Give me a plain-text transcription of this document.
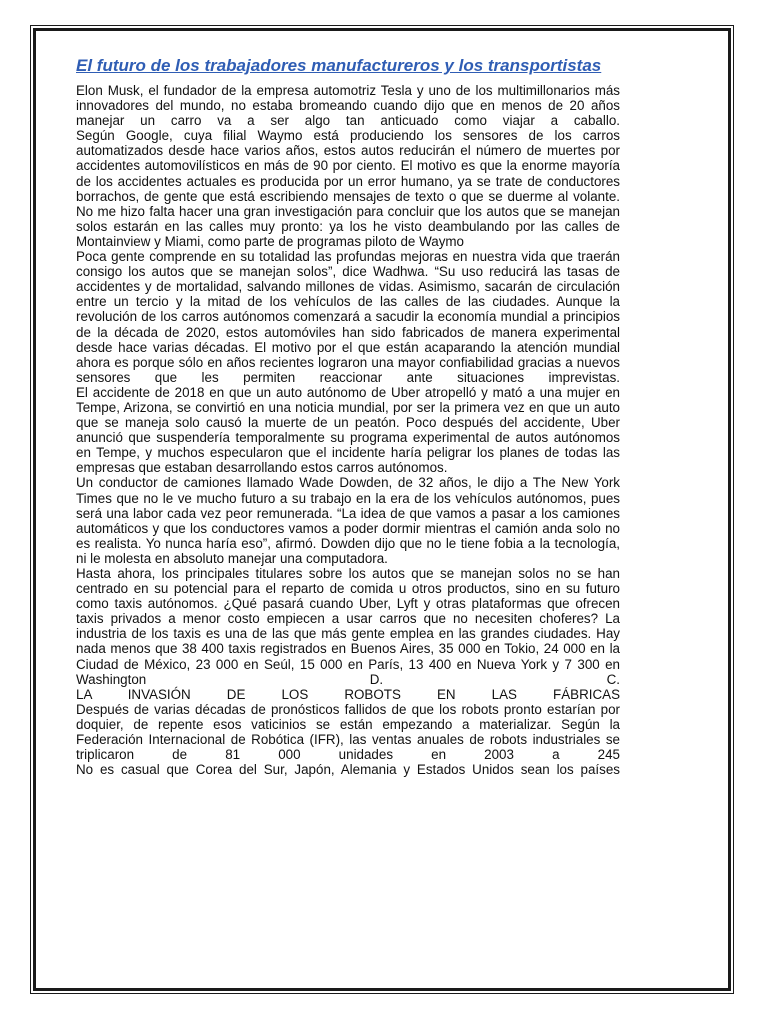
El futuro de los trabajadores manufactureros y los transportistas

Elon Musk, el fundador de la empresa automotriz Tesla y uno de los multimillonarios más innovadores del mundo, no estaba bromeando cuando dijo que en menos de 20 años manejar un carro va a ser algo tan anticuado como viajar a caballo.

Según Google, cuya filial Waymo está produciendo los sensores de los carros automatizados desde hace varios años, estos autos reducirán el número de muertes por accidentes automovilísticos en más de 90 por ciento. El motivo es que la enorme mayoría de los accidentes actuales es producida por un error humano, ya se trate de conductores borrachos, de gente que está escribiendo mensajes de texto o que se duerme al volante.

No me hizo falta hacer una gran investigación para concluir que los autos que se manejan solos estarán en las calles muy pronto: ya los he visto deambulando por las calles de Montainview y Miami, como parte de programas piloto de Waymo

Poca gente comprende en su totalidad las profundas mejoras en nuestra vida que traerán consigo los autos que se manejan solos”, dice Wadhwa. “Su uso reducirá las tasas de accidentes y de mortalidad, salvando millones de vidas. Asimismo, sacarán de circulación entre un tercio y la mitad de los vehículos de las calles de las ciudades. Aunque la revolución de los carros autónomos comenzará a sacudir la economía mundial a principios de la década de 2020, estos automóviles han sido fabricados de manera experimental desde hace varias décadas. El motivo por el que están acaparando la atención mundial ahora es porque sólo en años recientes lograron una mayor confiabilidad gracias a nuevos sensores que les permiten reaccionar ante situaciones imprevistas.

El accidente de 2018 en que un auto autónomo de Uber atropelló y mató a una mujer en Tempe, Arizona, se convirtió en una noticia mundial, por ser la primera vez en que un auto que se maneja solo causó la muerte de un peatón. Poco después del accidente, Uber anunció que suspendería temporalmente su programa experimental de autos autónomos en Tempe, y muchos especularon que el incidente haría peligrar los planes de todas las empresas que estaban desarrollando estos carros autónomos.

Un conductor de camiones llamado Wade Dowden, de 32 años, le dijo a The New York Times que no le ve mucho futuro a su trabajo en la era de los vehículos autónomos, pues será una labor cada vez peor remunerada. “La idea de que vamos a pasar a los camiones automáticos y que los conductores vamos a poder dormir mientras el camión anda solo no es realista. Yo nunca haría eso”, afirmó. Dowden dijo que no le tiene fobia a la tecnología, ni le molesta en absoluto manejar una computadora.

Hasta ahora, los principales titulares sobre los autos que se manejan solos no se han centrado en su potencial para el reparto de comida u otros productos, sino en su futuro como taxis autónomos. ¿Qué pasará cuando Uber, Lyft y otras plataformas que ofrecen taxis privados a menor costo empiecen a usar carros que no necesiten choferes? La industria de los taxis es una de las que más gente emplea en las grandes ciudades. Hay nada menos que 38 400 taxis registrados en Buenos Aires, 35 000 en Tokio, 24 000 en la Ciudad de México, 23 000 en Seúl, 15 000 en París, 13 400 en Nueva York y 7 300 en Washington D. C.

LA INVASIÓN DE LOS ROBOTS EN LAS FÁBRICAS

Después de varias décadas de pronósticos fallidos de que los robots pronto estarían por doquier, de repente esos vaticinios se están empezando a materializar. Según la Federación Internacional de Robótica (IFR), las ventas anuales de robots industriales se triplicaron de 81 000 unidades en 2003 a 245

No es casual que Corea del Sur, Japón, Alemania y Estados Unidos sean los países
